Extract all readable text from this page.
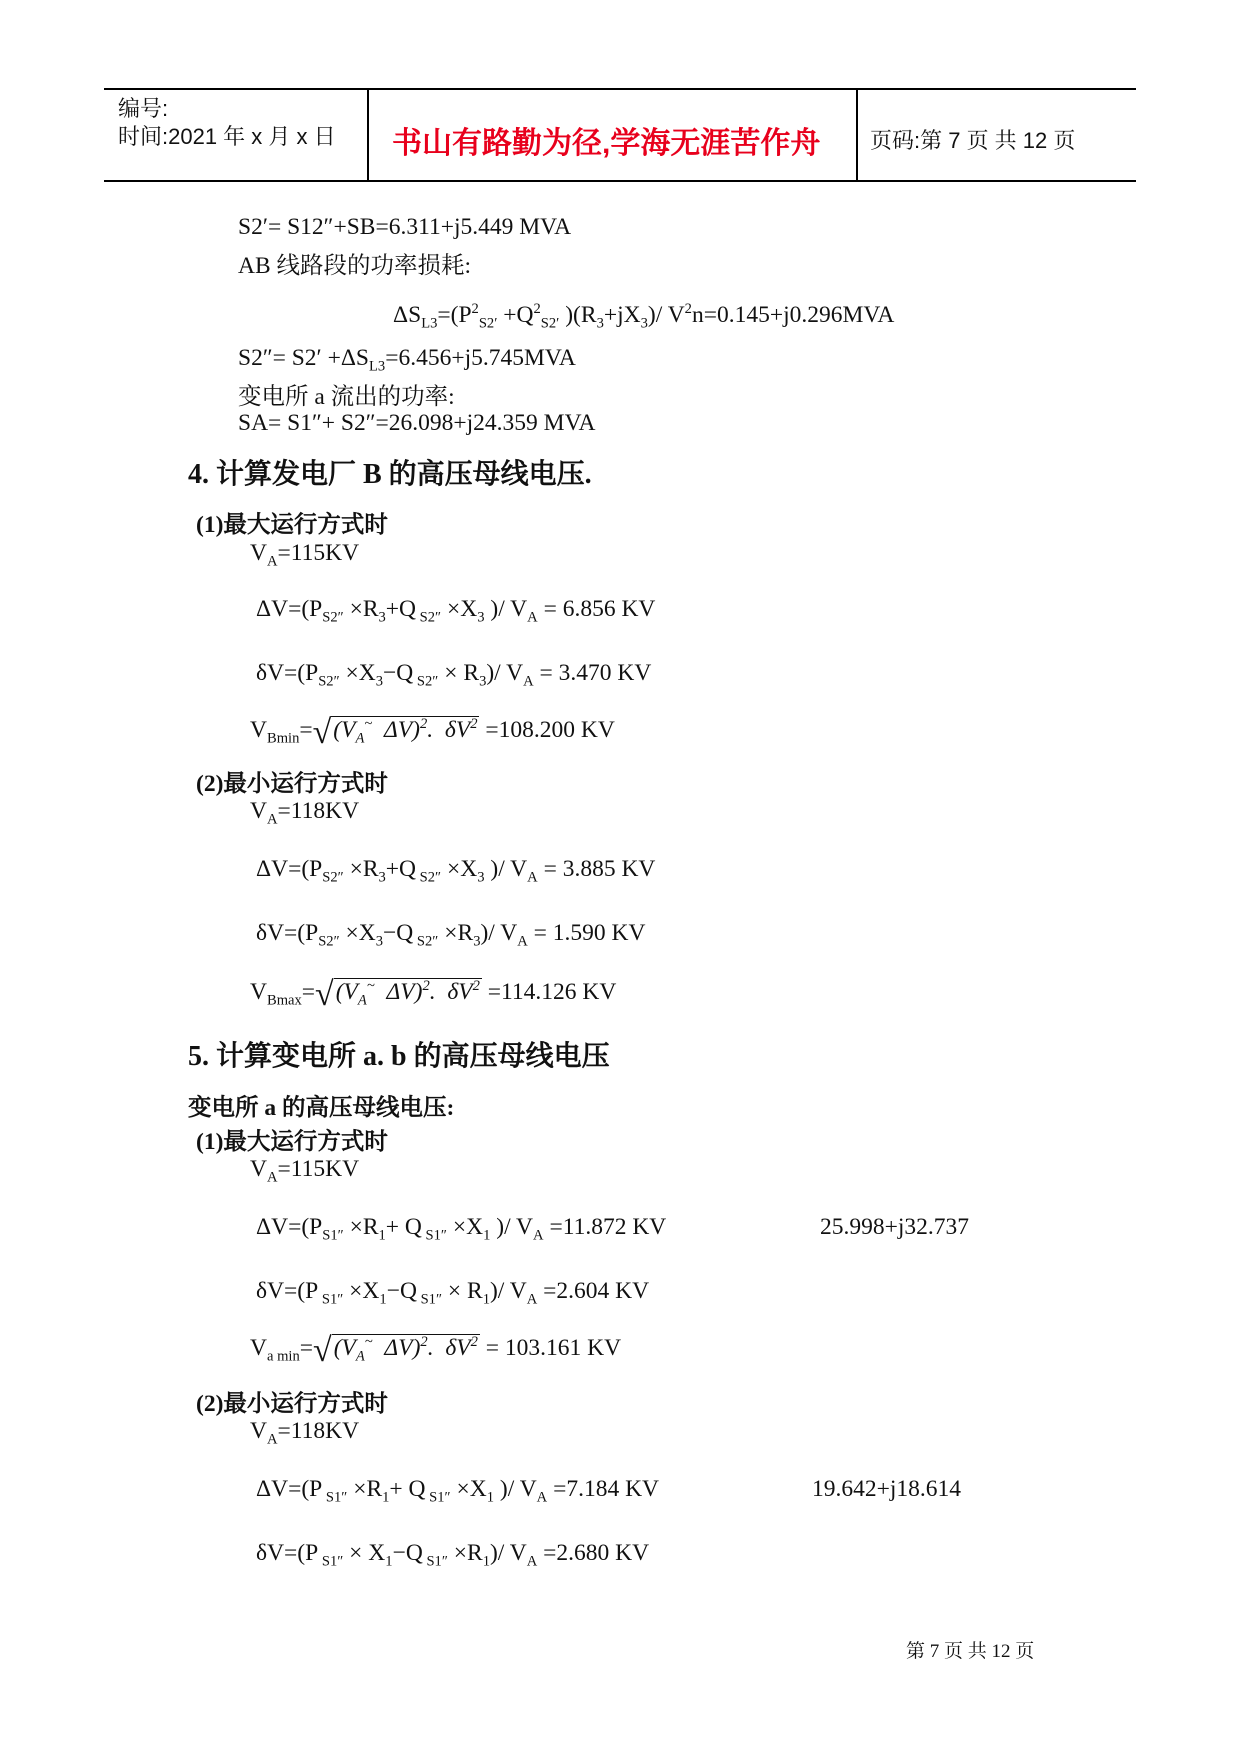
编号:
时间:2021 年 x 月 x 日 书山有路勤为径,学海无涯苦作舟 页码:第 7 页 共 12 页
S2′= S12″+SB=6.311+j5.449 MVA
AB 线路段的功率损耗:
$\Delta S_{L3}=(P^2_{S2'} +Q^2_{S2'}$ )$(R_3+jX_3)/$ $V^2n=0.145+j0.296MVA$
$S2''= S2' +\Delta S_{L3}=6.456+j5.745MVA$
变电所 a 流出的功率:
SA= S1″+ S2″=26.098+j24.359 MVA
4. 计算发电厂 B 的高压母线电压.
(1)最大运行方式时
$V_A=115KV$
$\Delta V=(P_{S2''} \times R_3+Q$ $_{S2''} \times X_3$ )/ $V_A = 6.856$ KV
$\delta V=(P_{S2''} \times X_3-Q$ $_{S2''} \times R_3)/$ $V_A = 3.470$ KV
$V_{Bmin}=√(V_A^\sim$  ΔV)$^2$.  $\delta V^2 =108.200$ KV
(2)最小运行方式时
$V_A=118KV$
$\Delta V=(P_{S2''} \times R_3+Q$ $_{S2''} \times X_3$ )/ $V_A = 3.885$ KV
$\delta V=(P_{S2''} \times X_3-Q$ $_{S2''} \times R_3)/$ $V_A = 1.590$ KV
$V_{Bmax}=√(V_A^\sim$  ΔV)$^2$.  $\delta V^2 =114.126$ KV
5. 计算变电所 a. b 的高压母线电压
变电所 a 的高压母线电压:
(1)最大运行方式时
$V_A=115KV$
$\Delta V=(P_{S1''} \times R_1+ Q$ $_{S1''} \times X_1$ )/ $V_A =11.872$ KV	25.998+j32.737
δV=(P $_{S1''} \times X_1-Q$ $_{S1''} \times R_1)/$ $V_A =2.604$ KV
$V_{a min}=√(V_A^\sim$  ΔV)$^2$.  $\delta V^2 = 103.161$ KV
(2)最小运行方式时
$V_A=118KV$
ΔV=(P $_{S1''} \times R_1+ Q$ $_{S1''} \times X_1$ )/ $V_A =7.184$ KV	19.642+j18.614
δV=(P $_{S1''} \times X_1-Q$ $_{S1''} \times R_1)/$ $V_A =2.680$ KV
第 7 页 共 12 页
